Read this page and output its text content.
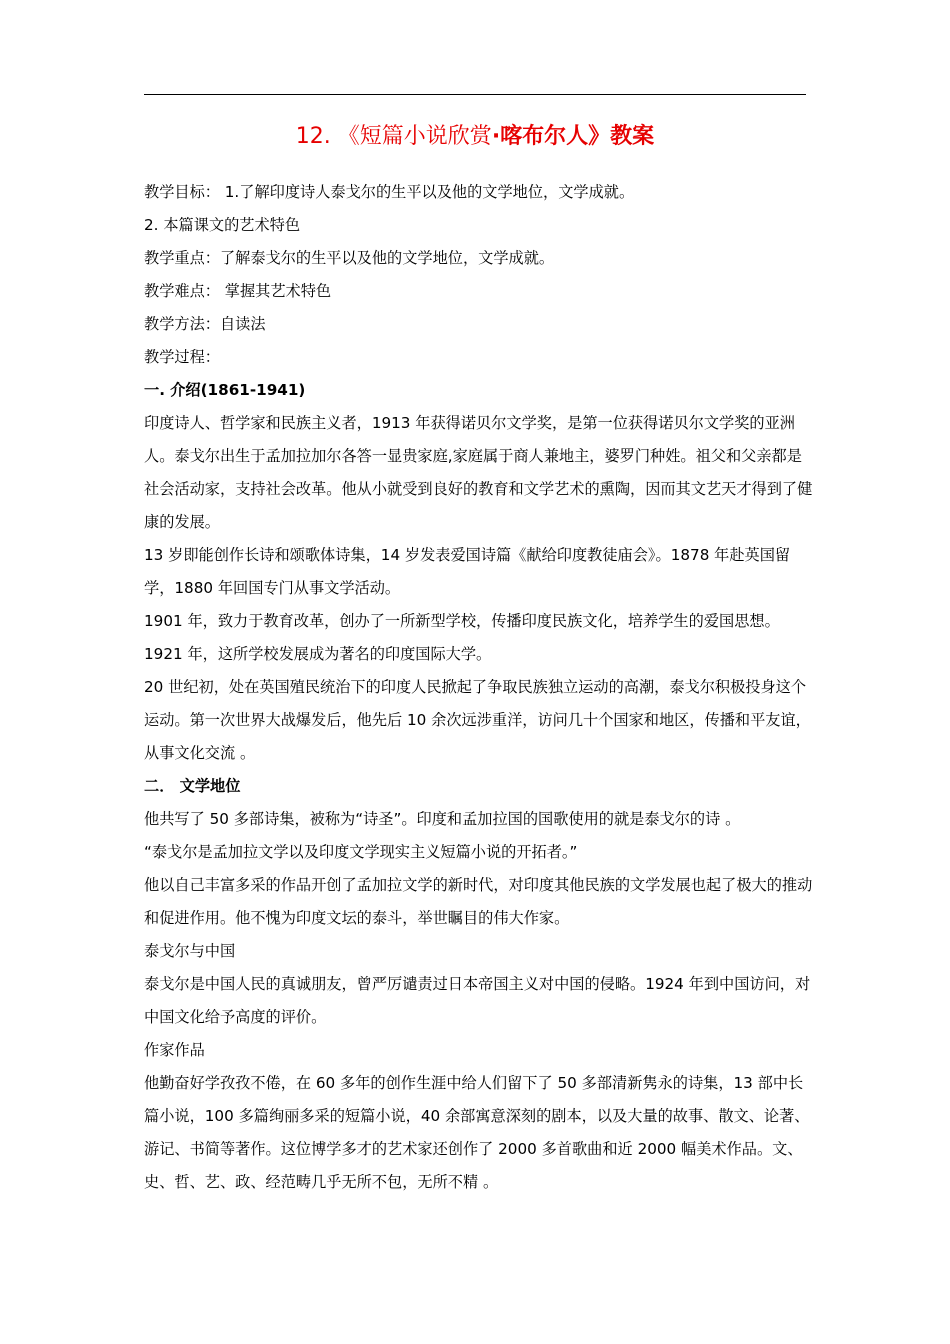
12. 《短篇小说欣赏·喀布尔人》教案

教学目标： 1.了解印度诗人泰戈尔的生平以及他的文学地位，文学成就。

2. 本篇课文的艺术特色

教学重点：了解泰戈尔的生平以及他的文学地位，文学成就。

教学难点： 掌握其艺术特色

教学方法：自读法

教学过程：

一. 介绍(1861-1941)

印度诗人、哲学家和民族主义者，1913 年获得诺贝尔文学奖，是第一位获得诺贝尔文学奖的亚洲人。泰戈尔出生于孟加拉加尔各答一显贵家庭,家庭属于商人兼地主，婆罗门种姓。祖父和父亲都是社会活动家，支持社会改革。他从小就受到良好的教育和文学艺术的熏陶，因而其文艺天才得到了健康的发展。

13 岁即能创作长诗和颂歌体诗集，14 岁发表爱国诗篇《献给印度教徒庙会》。1878 年赴英国留学，1880 年回国专门从事文学活动。

1901 年，致力于教育改革，创办了一所新型学校，传播印度民族文化，培养学生的爱国思想。1921 年，这所学校发展成为著名的印度国际大学。

20 世纪初，处在英国殖民统治下的印度人民掀起了争取民族独立运动的高潮，泰戈尔积极投身这个运动。第一次世界大战爆发后，他先后 10 余次远涉重洋，访问几十个国家和地区，传播和平友谊，从事文化交流 。

二． 文学地位

他共写了 50 多部诗集，被称为“诗圣”。印度和孟加拉国的国歌使用的就是泰戈尔的诗 。

“泰戈尔是孟加拉文学以及印度文学现实主义短篇小说的开拓者。”

他以自己丰富多采的作品开创了孟加拉文学的新时代，对印度其他民族的文学发展也起了极大的推动和促进作用。他不愧为印度文坛的泰斗，举世瞩目的伟大作家。

泰戈尔与中国

泰戈尔是中国人民的真诚朋友，曾严厉谴责过日本帝国主义对中国的侵略。1924 年到中国访问，对中国文化给予高度的评价。

作家作品

他勤奋好学孜孜不倦，在 60 多年的创作生涯中给人们留下了 50 多部清新隽永的诗集，13 部中长篇小说，100 多篇绚丽多采的短篇小说，40 余部寓意深刻的剧本，以及大量的故事、散文、论著、游记、书简等著作。这位博学多才的艺术家还创作了 2000 多首歌曲和近 2000 幅美术作品。文、史、哲、艺、政、经范畴几乎无所不包，无所不精 。
